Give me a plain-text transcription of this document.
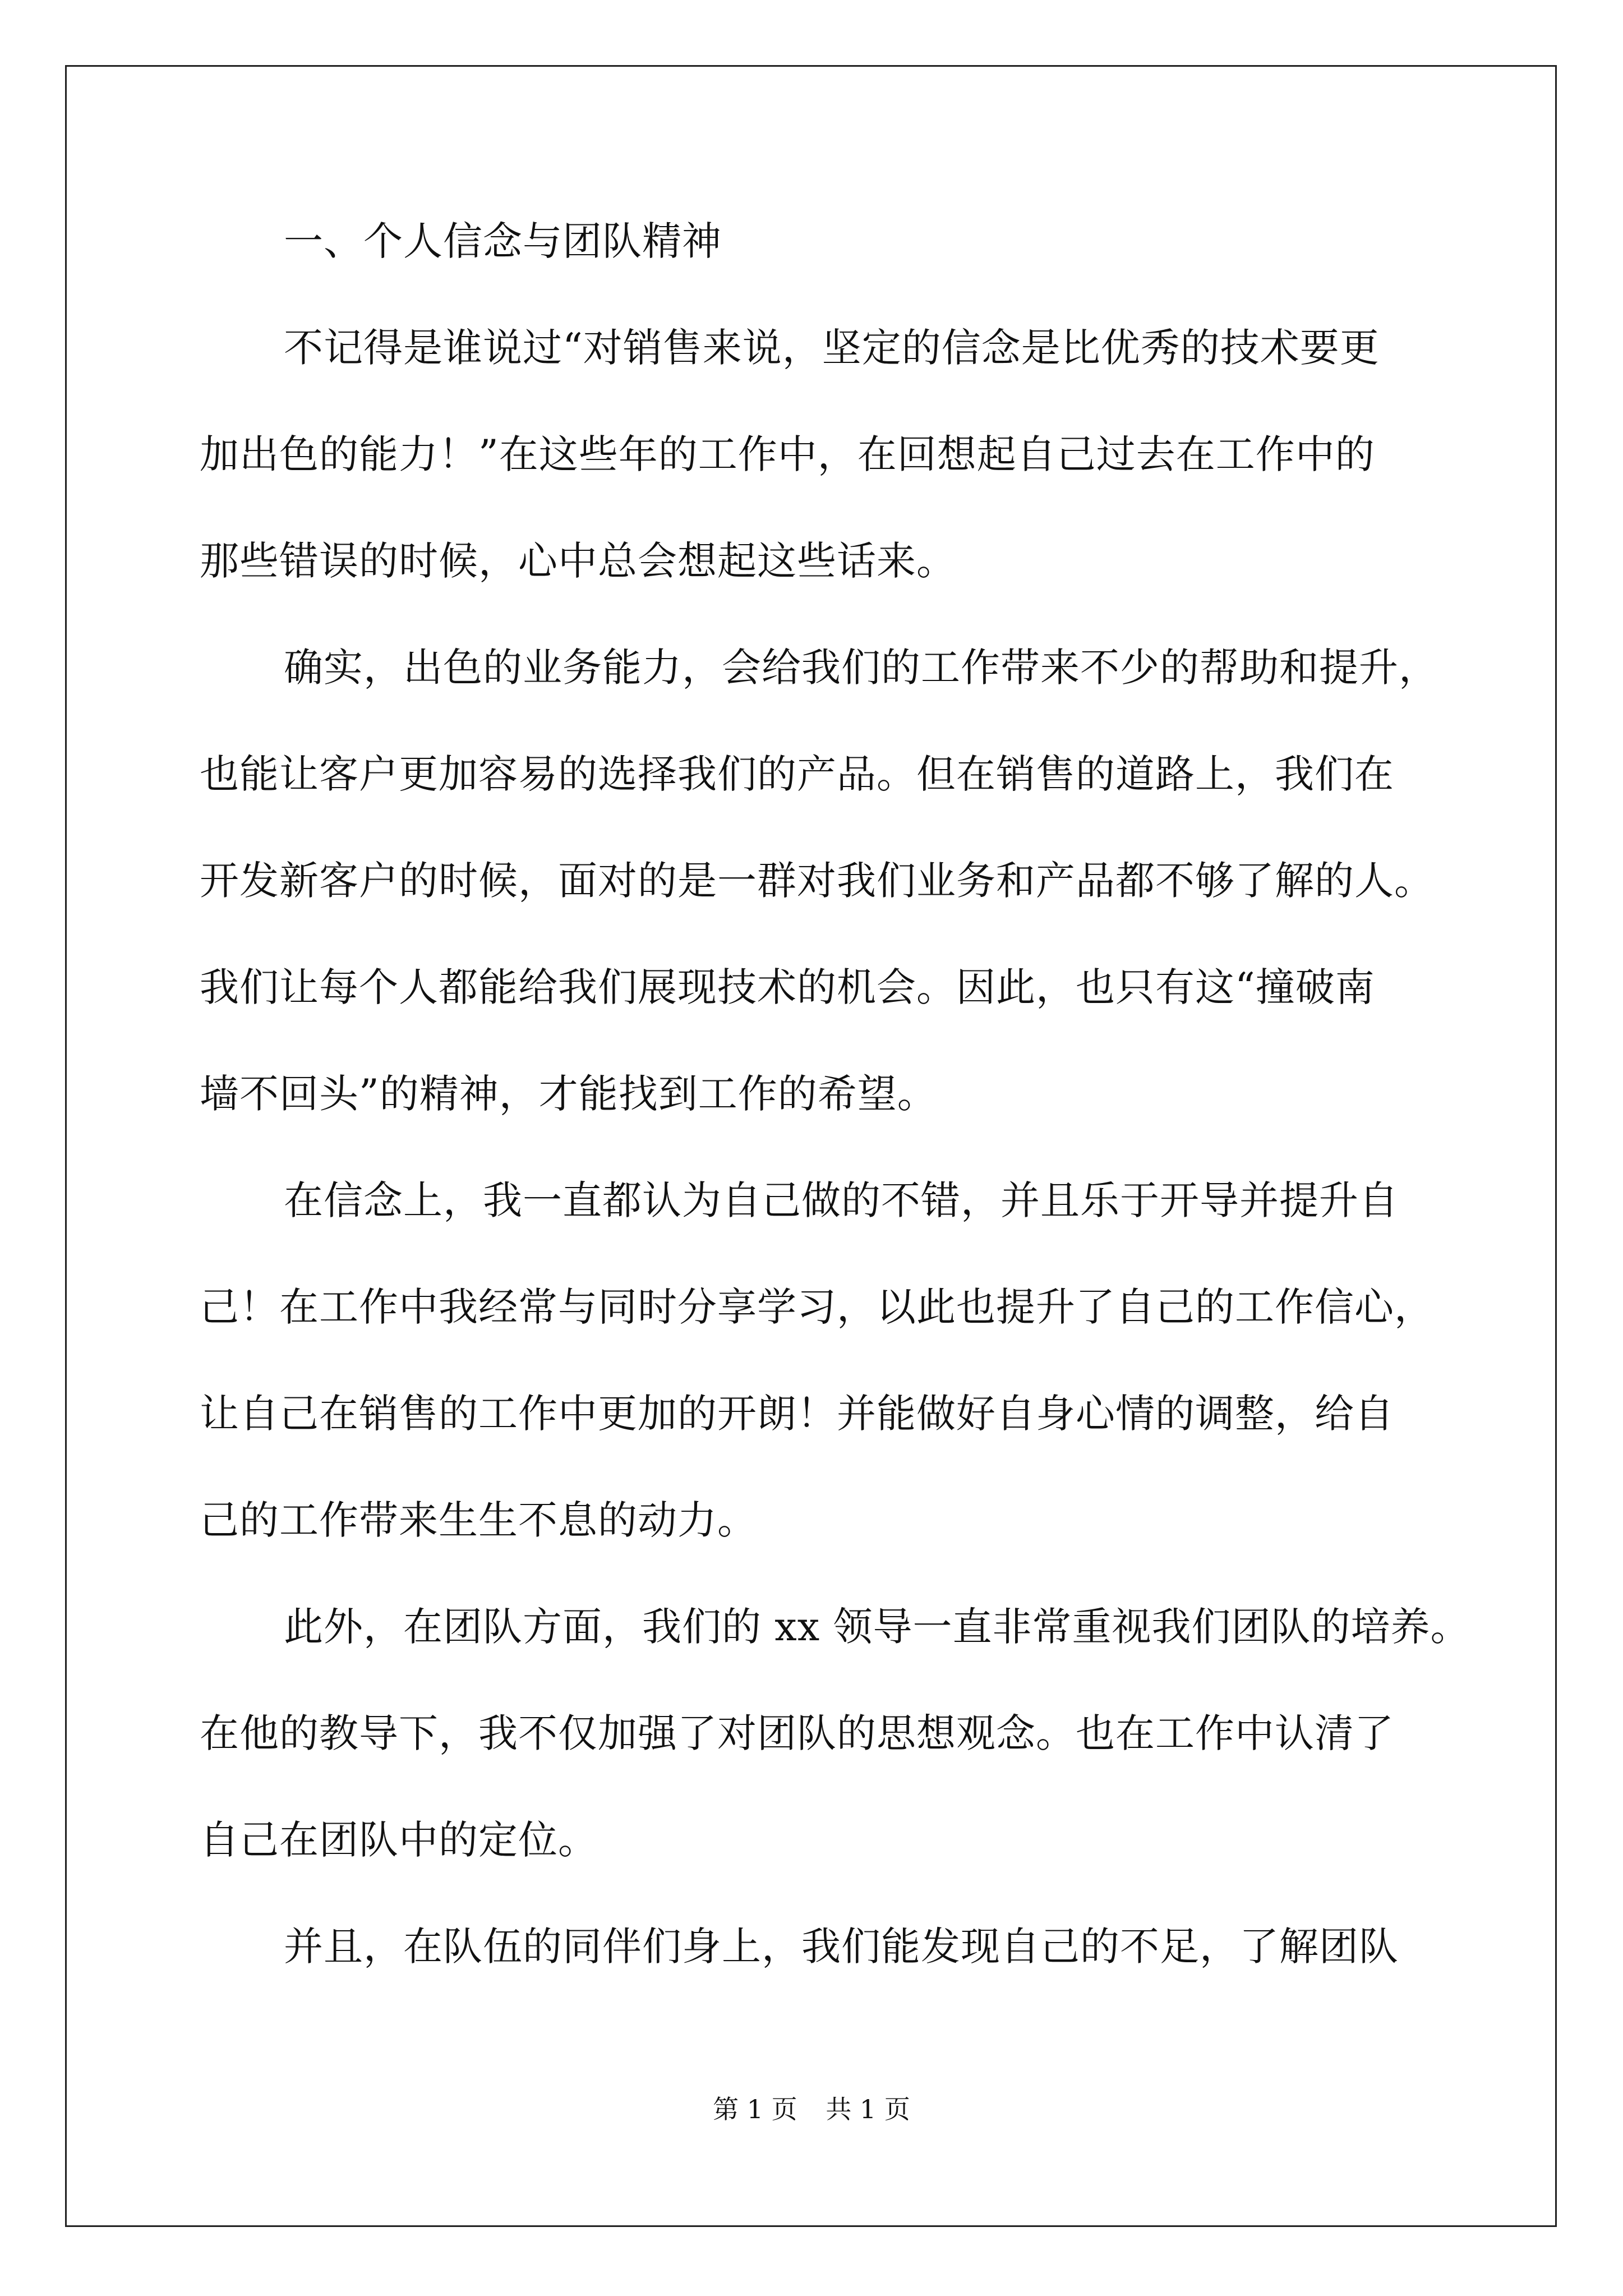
一、个人信念与团队精神
不记得是谁说过“对销售来说，坚定的信念是比优秀的技术要更
加出色的能力！”在这些年的工作中，在回想起自己过去在工作中的
那些错误的时候，心中总会想起这些话来。
确实，出色的业务能力，会给我们的工作带来不少的帮助和提升，
也能让客户更加容易的选择我们的产品。但在销售的道路上，我们在
开发新客户的时候，面对的是一群对我们业务和产品都不够了解的人。
我们让每个人都能给我们展现技术的机会。因此，也只有这“撞破南
墙不回头”的精神，才能找到工作的希望。
在信念上，我一直都认为自己做的不错，并且乐于开导并提升自
己！在工作中我经常与同时分享学习，以此也提升了自己的工作信心，
让自己在销售的工作中更加的开朗！并能做好自身心情的调整，给自
己的工作带来生生不息的动力。
此外，在团队方面，我们的 xx 领导一直非常重视我们团队的培养。
在他的教导下，我不仅加强了对团队的思想观念。也在工作中认清了
自己在团队中的定位。
并且，在队伍的同伴们身上，我们能发现自己的不足，了解团队
第 1 页 共 1 页
